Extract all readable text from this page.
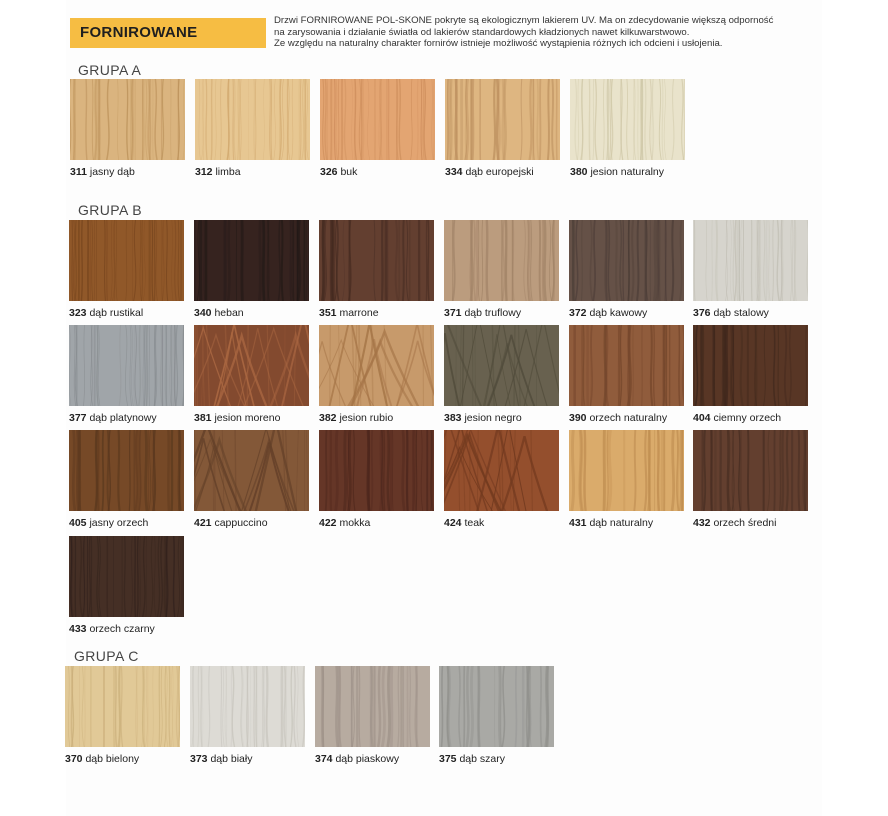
FORNIROWANE

Drzwi FORNIROWANE POL-SKONE pokryte są ekologicznym lakierem UV. Ma on zdecydowanie większą odporność

na zarysowania i działanie światła od lakierów standardowych kładzionych nawet kilkuwarstwowo.

Ze względu na naturalny charakter fornirów istnieje możliwość wystąpienia różnych ich odcieni i usłojenia.

GRUPA A
311 jasny dąb	312 limba	326 buk	334 dąb europejski	380 jesion naturalny
GRUPA B
323 dąb rustikal	340 heban	351 marrone	371 dąb truflowy	372 dąb kawowy	376 dąb stalowy
377 dąb platynowy	381 jesion moreno	382 jesion rubio	383 jesion negro	390 orzech naturalny 404 ciemny orzech
405 jasny orzech	421 cappuccino	422 mokka	424 teak	431 dąb naturalny	432 orzech średni
433 orzech czarny
GRUPA C
370 dąb bielony	373 dąb biały	374 dąb piaskowy	375 dąb szary
